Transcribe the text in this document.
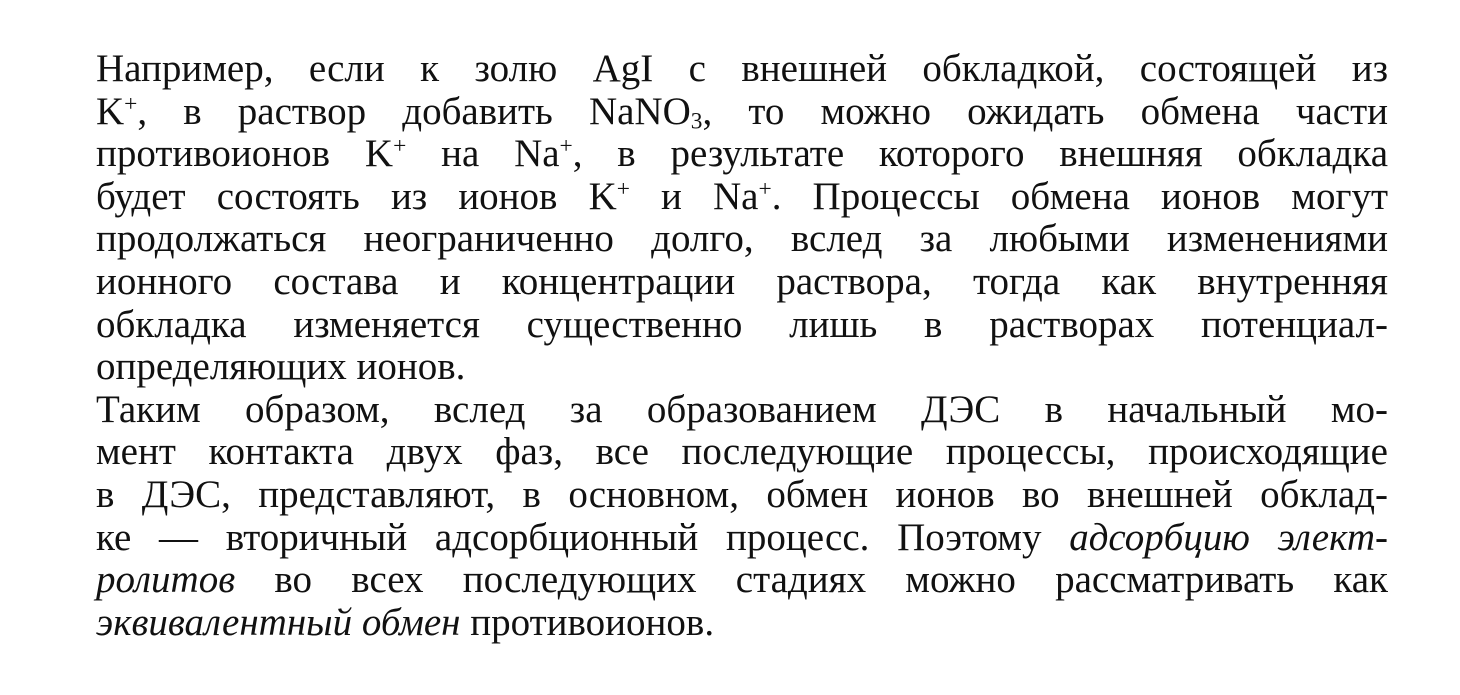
Например, если к золю AgI с внешней обкладкой, состоящей из
K+, в раствор добавить NaNO$_3$, то можно ожидать обмена части
противоионов K+ на Na+, в результате которого внешняя обкладка
будет состоять из ионов K+ и Na+. Процессы обмена ионов могут
продолжаться неограниченно долго, вслед за любыми изменениями
ионного состава и концентрации раствора, тогда как внутренняя
обкладка изменяется существенно лишь в растворах потенциал-
определяющих ионов.
Таким образом, вслед за образованием ДЭС в начальный мо-
мент контакта двух фаз, все последующие процессы, происходящие
в ДЭС, представляют, в основном, обмен ионов во внешней обклад-
ке — вторичный адсорбционный процесс. Поэтому адсорбцию элект-
ролитов во всех последующих стадиях можно рассматривать как
эквивалентный обмен противоионов.
